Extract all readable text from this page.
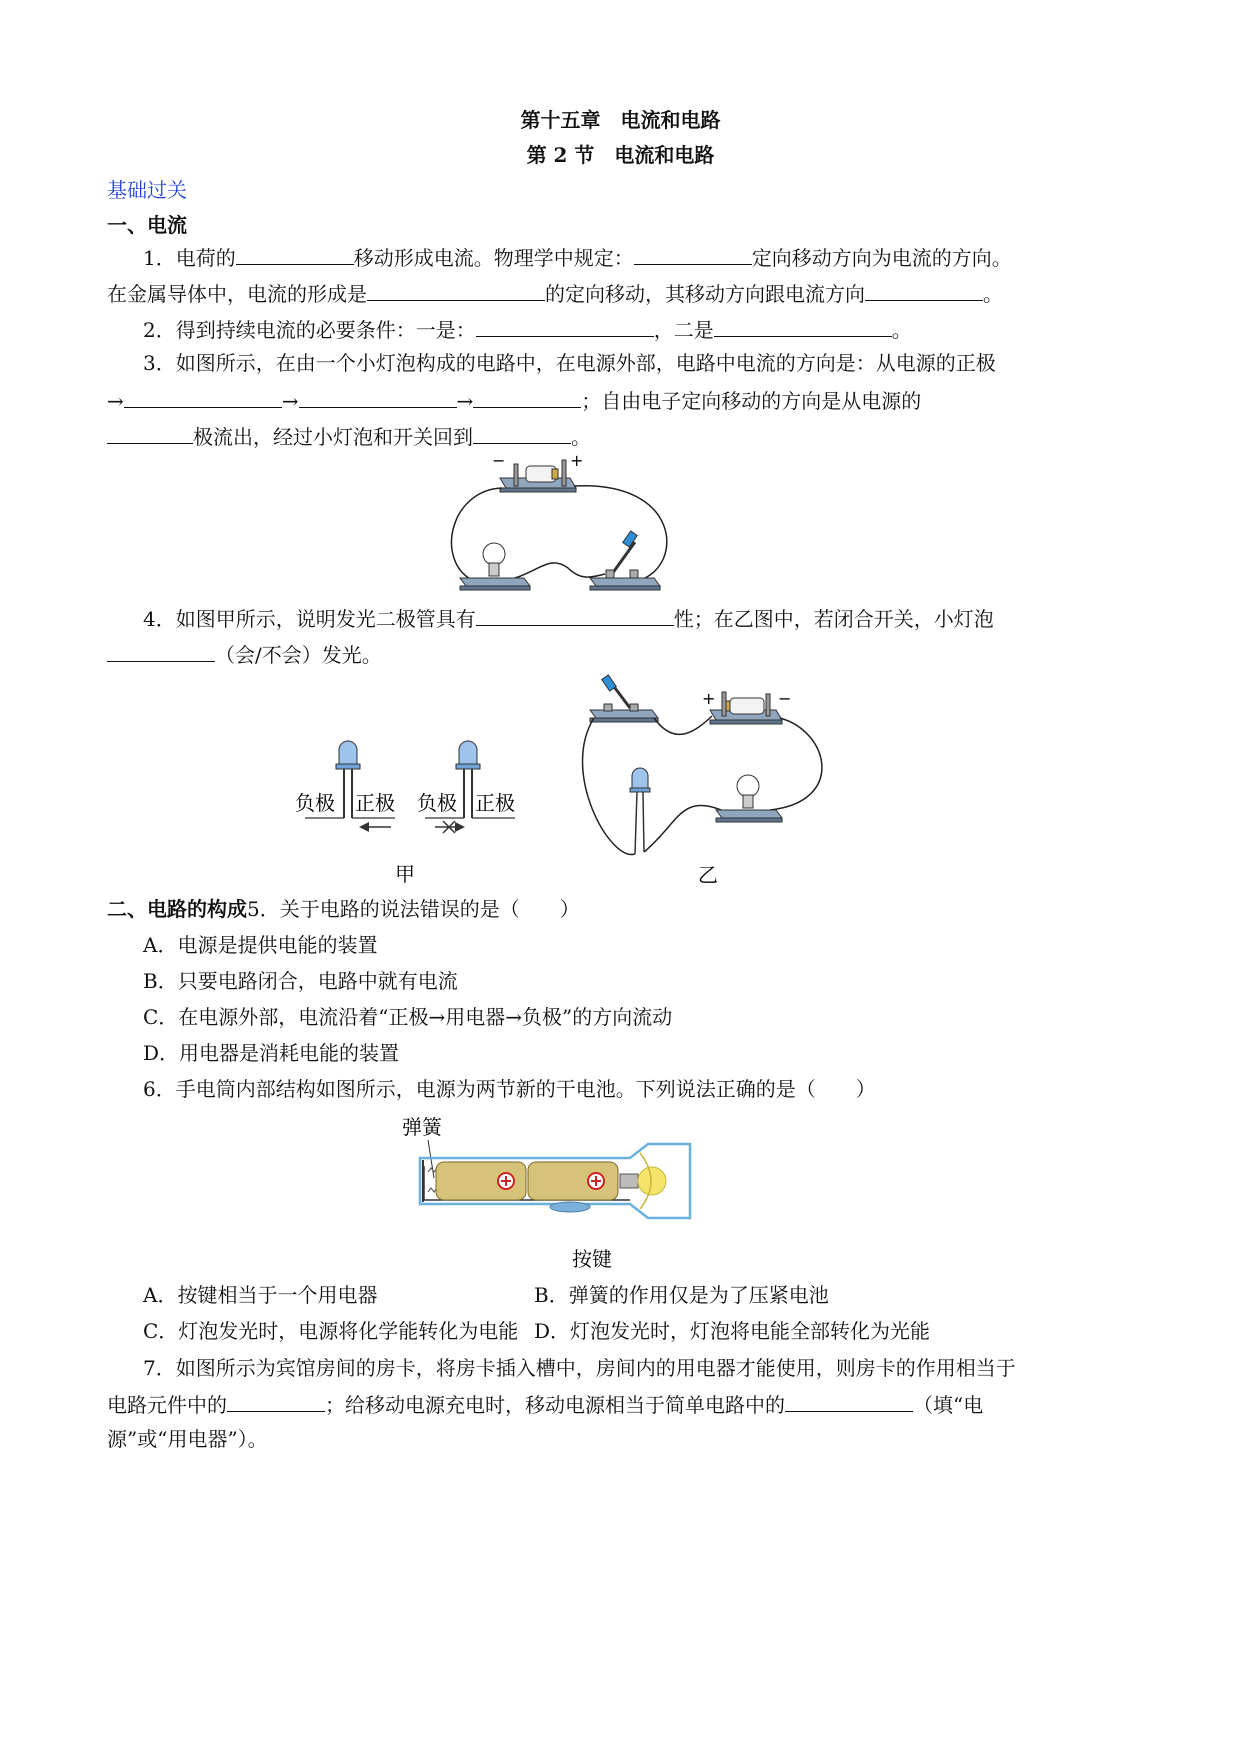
第十五章　电流和电路
第 2 节　电流和电路
基础过关
一、电流
1．电荷的	移动形成电流。物理学中规定：	定向移动方向为电流的方向。
在金属导体中，电流的形成是	的定向移动，其移动方向跟电流方向	。
2．得到持续电流的必要条件：一是：	，二是	。
3．如图所示，在由一个小灯泡构成的电路中，在电源外部，电路中电流的方向是：从电源的正极
→	→	→	；自由电子定向移动的方向是从电源的
极流出，经过小灯泡和开关回到	。
−	+
4．如图甲所示，说明发光二极管具有	性；在乙图中，若闭合开关，小灯泡
（会/不会）发光。
负极 正极 负极 正极
甲
+	−
乙
二、电路的构成5．关于电路的说法错误的是（　　）
A．电源是提供电能的装置
B．只要电路闭合，电路中就有电流
C．在电源外部，电流沿着“正极→用电器→负极”的方向流动
D．用电器是消耗电能的装置
6．手电筒内部结构如图所示，电源为两节新的干电池。下列说法正确的是（　　）
弹簧
按键
A．按键相当于一个用电器	B．弹簧的作用仅是为了压紧电池
C．灯泡发光时，电源将化学能转化为电能 D．灯泡发光时，灯泡将电能全部转化为光能
7．如图所示为宾馆房间的房卡，将房卡插入槽中，房间内的用电器才能使用，则房卡的作用相当于
电路元件中的	；给移动电源充电时，移动电源相当于简单电路中的	（填“电
源”或“用电器”）。
